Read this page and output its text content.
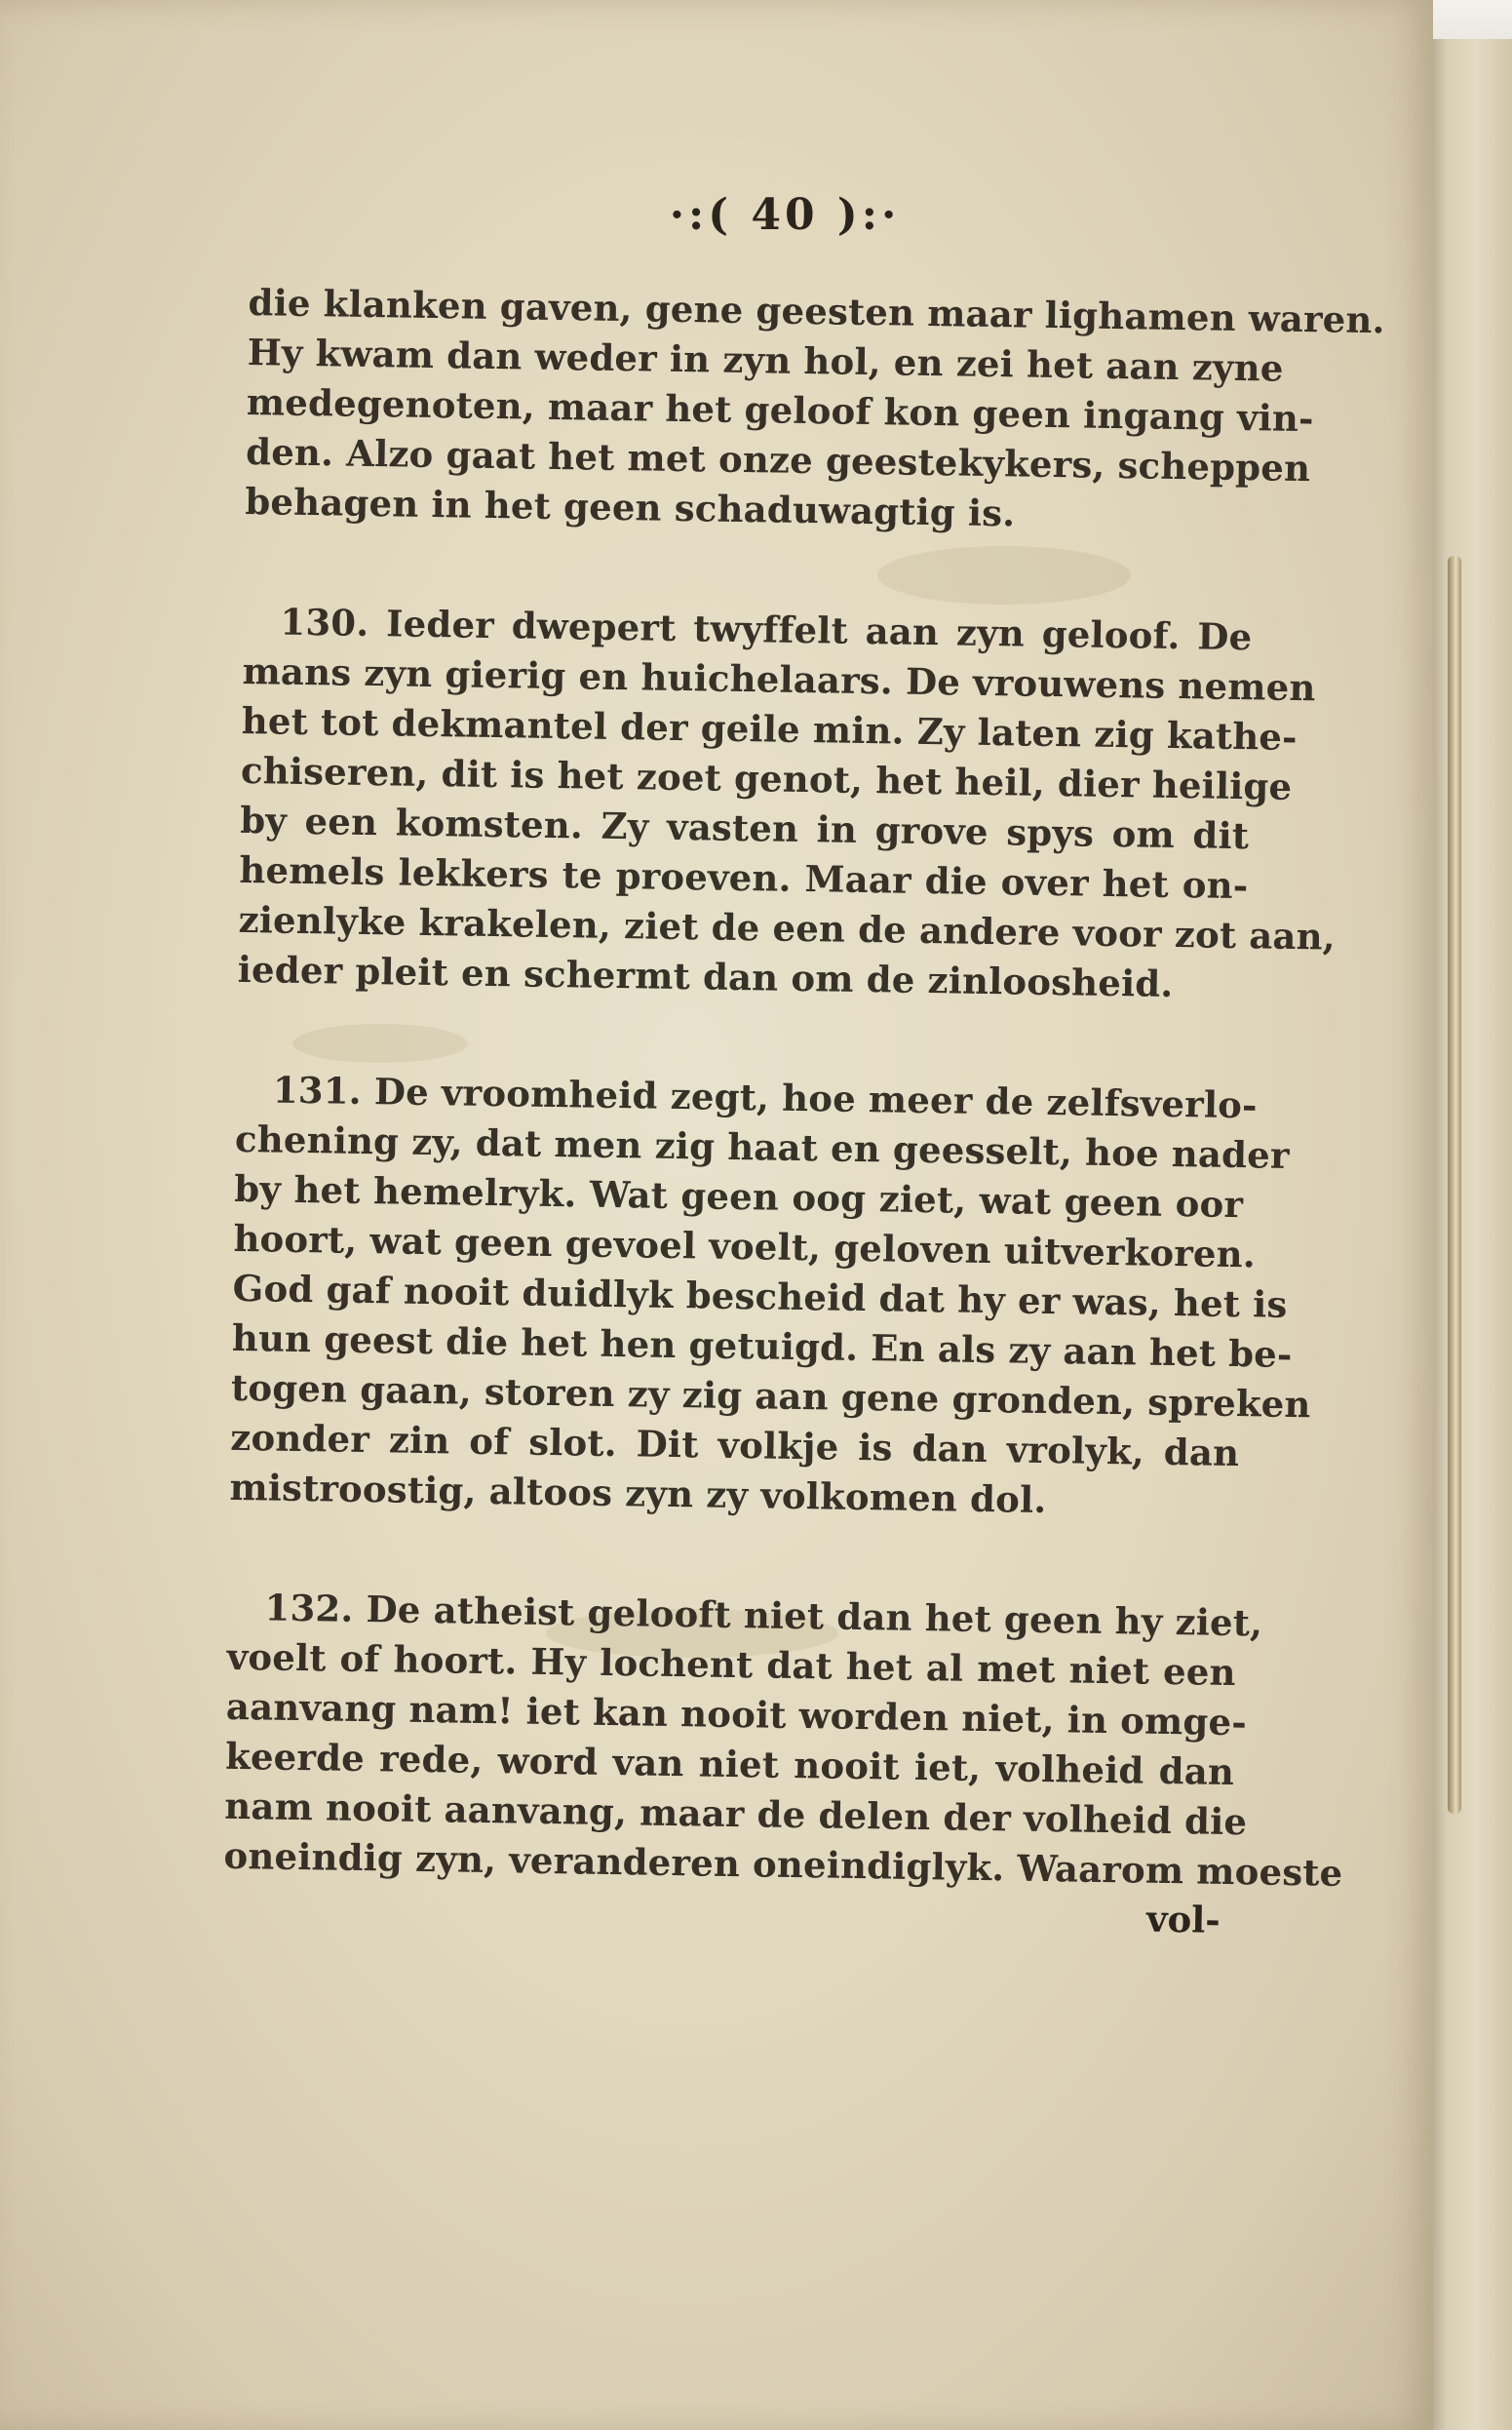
·:( 40 ):·
die klanken gaven, gene geesten maar lighamen waren.
Hy kwam dan weder in zyn hol, en zei het aan zyne
medegenoten, maar het geloof kon geen ingang vin-
den. Alzo gaat het met onze geestekykers, scheppen
behagen in het geen schaduwagtig is.
130. Ieder dwepert twyffelt aan zyn geloof. De
mans zyn gierig en huichelaars. De vrouwens nemen
het tot dekmantel der geile min. Zy laten zig kathe-
chiseren, dit is het zoet genot, het heil, dier heilige
by een komsten. Zy vasten in grove spys om dit
hemels lekkers te proeven. Maar die over het on-
zienlyke krakelen, ziet de een de andere voor zot aan,
ieder pleit en schermt dan om de zinloosheid.
131. De vroomheid zegt, hoe meer de zelfsverlo-
chening zy, dat men zig haat en geesselt, hoe nader
by het hemelryk. Wat geen oog ziet, wat geen oor
hoort, wat geen gevoel voelt, geloven uitverkoren.
God gaf nooit duidlyk bescheid dat hy er was, het is
hun geest die het hen getuigd. En als zy aan het be-
togen gaan, storen zy zig aan gene gronden, spreken
zonder zin of slot. Dit volkje is dan vrolyk, dan
mistroostig, altoos zyn zy volkomen dol.
132. De atheist gelooft niet dan het geen hy ziet,
voelt of hoort. Hy lochent dat het al met niet een
aanvang nam! iet kan nooit worden niet, in omge-
keerde rede, word van niet nooit iet, volheid dan
nam nooit aanvang, maar de delen der volheid die
oneindig zyn, veranderen oneindiglyk. Waarom moeste
vol-
